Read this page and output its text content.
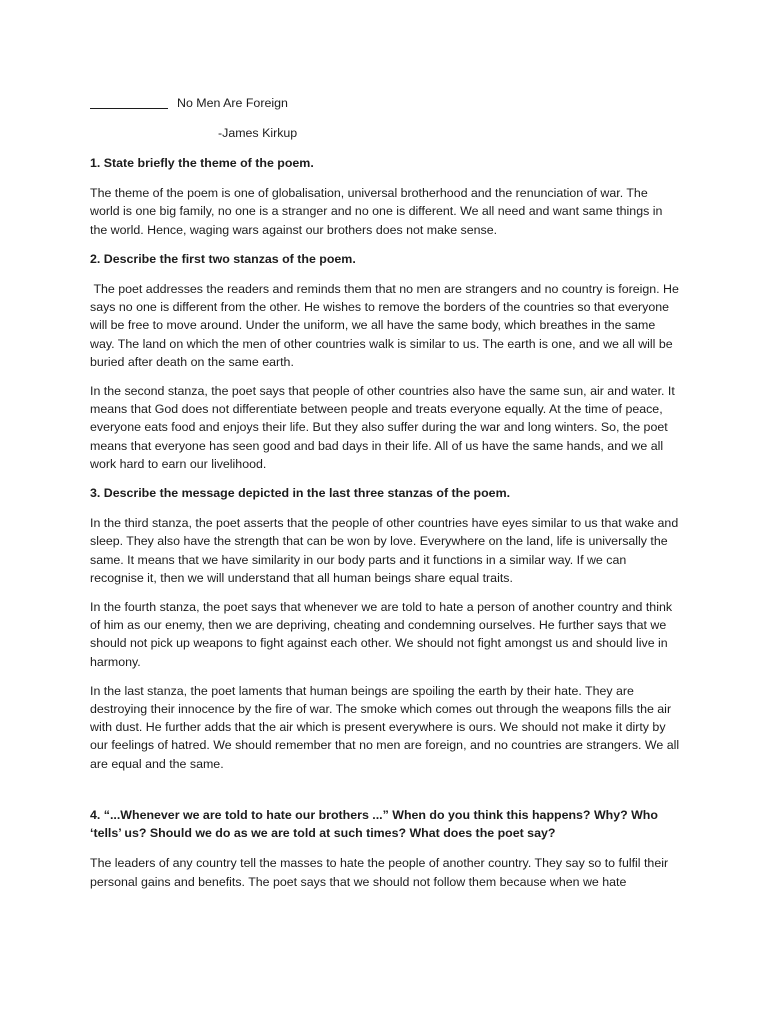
No Men Are Foreign
-James Kirkup

1. State briefly the theme of the poem.

The theme of the poem is one of globalisation, universal brotherhood and the renunciation of war. The world is one big family, no one is a stranger and no one is different. We all need and want same things in the world. Hence, waging wars against our brothers does not make sense.

2. Describe the first two stanzas of the poem.

The poet addresses the readers and reminds them that no men are strangers and no country is foreign. He says no one is different from the other. He wishes to remove the borders of the countries so that everyone will be free to move around. Under the uniform, we all have the same body, which breathes in the same way. The land on which the men of other countries walk is similar to us. The earth is one, and we all will be buried after death on the same earth.

In the second stanza, the poet says that people of other countries also have the same sun, air and water. It means that God does not differentiate between people and treats everyone equally. At the time of peace, everyone eats food and enjoys their life. But they also suffer during the war and long winters. So, the poet means that everyone has seen good and bad days in their life. All of us have the same hands, and we all work hard to earn our livelihood.

3. Describe the message depicted in the last three stanzas of the poem.

In the third stanza, the poet asserts that the people of other countries have eyes similar to us that wake and sleep. They also have the strength that can be won by love. Everywhere on the land, life is universally the same. It means that we have similarity in our body parts and it functions in a similar way. If we can recognise it, then we will understand that all human beings share equal traits.

In the fourth stanza, the poet says that whenever we are told to hate a person of another country and think of him as our enemy, then we are depriving, cheating and condemning ourselves. He further says that we should not pick up weapons to fight against each other. We should not fight amongst us and should live in harmony.

In the last stanza, the poet laments that human beings are spoiling the earth by their hate. They are destroying their innocence by the fire of war. The smoke which comes out through the weapons fills the air with dust. He further adds that the air which is present everywhere is ours. We should not make it dirty by our feelings of hatred. We should remember that no men are foreign, and no countries are strangers. We all are equal and the same.

4. “...Whenever we are told to hate our brothers ...” When do you think this happens? Why? Who ‘tells’ us? Should we do as we are told at such times? What does the poet say?

The leaders of any country tell the masses to hate the people of another country. They say so to fulfil their personal gains and benefits. The poet says that we should not follow them because when we hate
